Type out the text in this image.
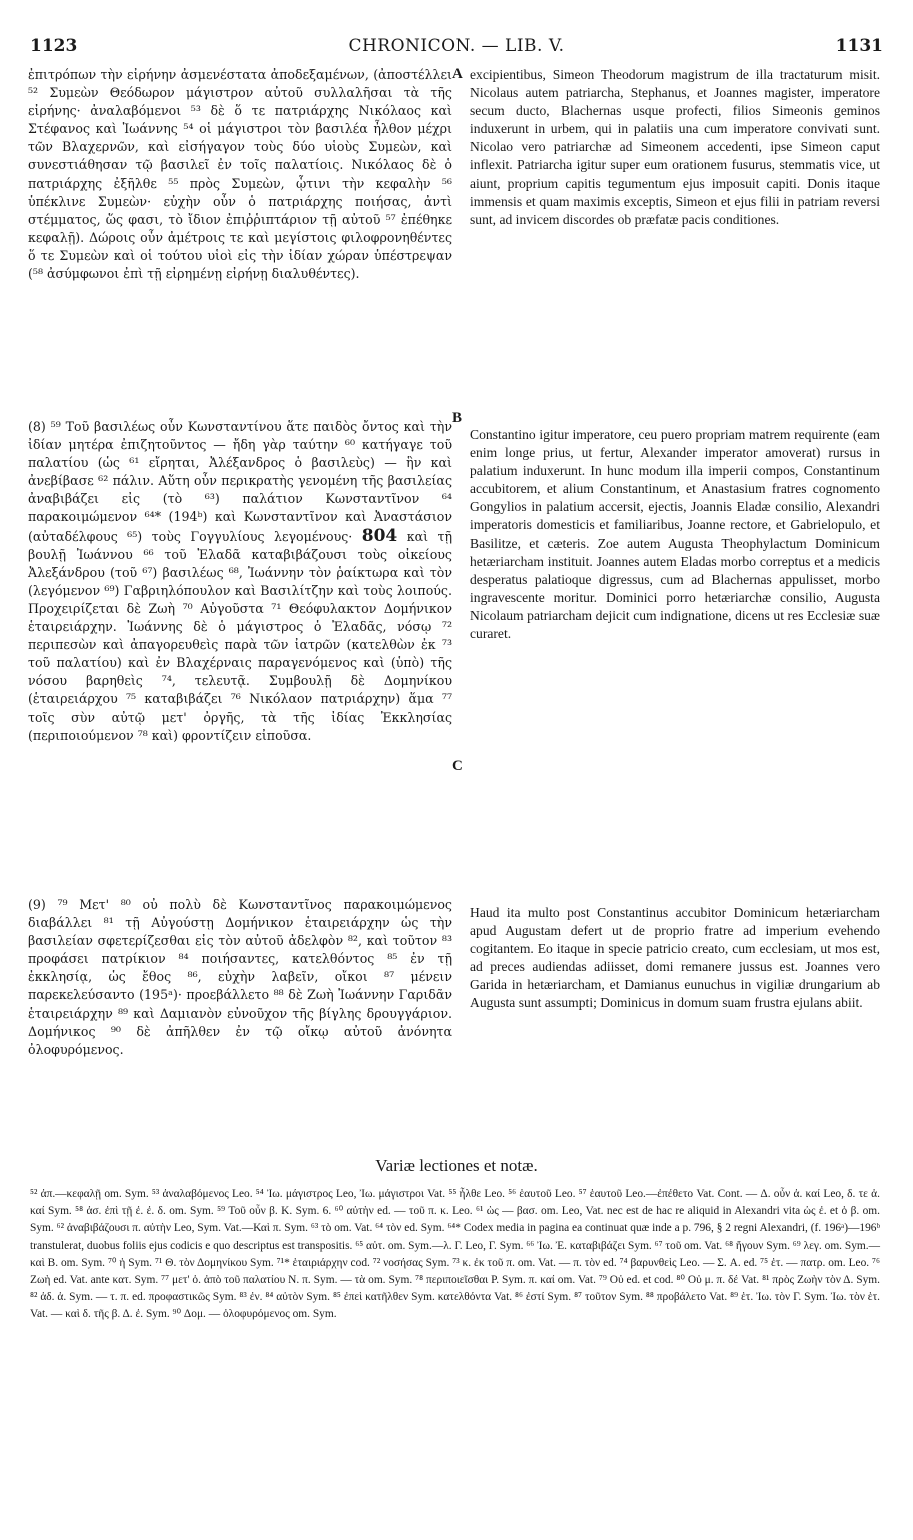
1123	CHRONICON. — LIB. V.	1131

ἐπιτρόπων τὴν εἰρήνην ἀσμενέστατα ἀποδεξαμένων, (ἀποστέλλει ⁵² Συμεὼν Θεόδωρον μάγιστρον αὐτοῦ συλλαλῆσαι τὰ τῆς εἰρήνης· ἀναλαβόμενοι ⁵³ δὲ ὅ τε πατριάρχης Νικόλαος καὶ Στέφανος καὶ Ἰωάννης ⁵⁴ οἱ μάγιστροι τὸν βασιλέα ἦλθον μέχρι τῶν Βλαχερνῶν, καὶ εἰσήγαγον τοὺς δύο υἱοὺς Συμεὼν, καὶ συνεστιάθησαν τῷ βασιλεῖ ἐν τοῖς παλατίοις. Νικόλαος δὲ ὁ πατριάρχης ἐξῆλθε ⁵⁵ πρὸς Συμεὼν, ᾧτινι τὴν κεφαλὴν ⁵⁶ ὑπέκλινε Συμεὼν· εὐχὴν οὖν ὁ πατριάρχης ποιήσας, ἀντὶ στέμματος, ὥς φασι, τὸ ἴδιον ἐπιῤῥιπτάριον τῇ αὐτοῦ ⁵⁷ ἐπέθηκε κεφαλῇ). Δώροις οὖν ἀμέτροις τε καὶ μεγίστοις φιλοφρονηθέντες ὅ τε Συμεὼν καὶ οἱ τούτου υἱοὶ εἰς τὴν ἰδίαν χώραν ὑπέστρεψαν (⁵⁸ ἀσύμφωνοι ἐπὶ τῇ εἰρημένῃ εἰρήνῃ διαλυθέντες).

(8) ⁵⁹ Τοῦ βασιλέως οὖν Κωνσταντίνου ἅτε παιδὸς ὄντος καὶ τὴν ἰδίαν μητέρα ἐπιζητοῦντος — ἤδη γὰρ ταύτην ⁶⁰ κατήγαγε τοῦ παλατίου (ὡς ⁶¹ εἴρηται, Ἀλέξανδρος ὁ βασιλεὺς) — ἣν καὶ ἀνεβίβασε ⁶² πάλιν. Αὕτη οὖν περικρατὴς γενομένη τῆς βασιλείας ἀναβιβάζει εἰς (τὸ ⁶³) παλάτιον Κωνσταντῖνον ⁶⁴ παρακοιμώμενον ⁶⁴* (194ᵇ) καὶ Κωνσταντῖνον καὶ Ἀναστάσιον (αὐταδέλφους ⁶⁵) τοὺς Γογγυλίους λεγομένους· 804 καὶ τῇ βουλῇ Ἰωάννου ⁶⁶ τοῦ Ἐλαδᾶ καταβιβάζουσι τοὺς οἰκείους Ἀλεξάνδρου (τοῦ ⁶⁷) βασιλέως ⁶⁸, Ἰωάννην τὸν ῥαίκτωρα καὶ τὸν (λεγόμενον ⁶⁹) Γαβριηλόπουλον καὶ Βασιλίτζην καὶ τοὺς λοιπούς. Προχειρίζεται δὲ Ζωὴ ⁷⁰ Αὐγοῦστα ⁷¹ Θεόφυλακτον Δομήνικον ἑταιρειάρχην. Ἰωάννης δὲ ὁ μάγιστρος ὁ Ἐλαδᾶς, νόσῳ ⁷² περιπεσὼν καὶ ἀπαγορευθεὶς παρὰ τῶν ἰατρῶν (κατελθὼν ἐκ ⁷³ τοῦ παλατίου) καὶ ἐν Βλαχέρναις παραγενόμενος καὶ (ὑπὸ) τῆς νόσου βαρηθεὶς ⁷⁴, τελευτᾷ. Συμβουλῇ δὲ Δομηνίκου (ἑταιρειάρχου ⁷⁵ καταβιβάζει ⁷⁶ Νικόλαον πατριάρχην) ἅμα ⁷⁷ τοῖς σὺν αὐτῷ μετ' ὀργῆς, τὰ τῆς ἰδίας Ἐκκλησίας (περιποιούμενον ⁷⁸ καὶ) φροντίζειν εἰποῦσα.

(9) ⁷⁹ Μετ' ⁸⁰ οὐ πολὺ δὲ Κωνσταντῖνος παρακοιμώμενος διαβάλλει ⁸¹ τῇ Αὐγούστῃ Δομήνικον ἑταιρειάρχην ὡς τὴν βασιλείαν σφετερίζεσθαι εἰς τὸν αὐτοῦ ἀδελφὸν ⁸², καὶ τοῦτον ⁸³ προφάσει πατρίκιον ⁸⁴ ποιήσαντες, κατελθόντος ⁸⁵ ἐν τῇ ἐκκλησίᾳ, ὡς ἔθος ⁸⁶, εὐχὴν λαβεῖν, οἴκοι ⁸⁷ μένειν παρεκελεύσαντο (195ᵃ)· προεβάλλετο ⁸⁸ δὲ Ζωὴ Ἰωάννην Γαριδᾶν ἑταιρειάρχην ⁸⁹ καὶ Δαμιανὸν εὐνοῦχον τῆς βίγλης δρουγγάριον. Δομήνικος ⁹⁰ δὲ ἀπῆλθεν ἐν τῷ οἴκῳ αὐτοῦ ἀνόνητα ὀλοφυρόμενος.

A
B
C

excipientibus, Simeon Theodorum magistrum de illa tractaturum misit. Nicolaus autem patriarcha, Stephanus, et Joannes magister, imperatore secum ducto, Blachernas usque profecti, filios Simeonis geminos induxerunt in urbem, qui in palatiis una cum imperatore convivati sunt. Nicolao vero patriarchæ ad Simeonem accedenti, ipse Simeon caput inflexit. Patriarcha igitur super eum orationem fusurus, stemmatis vice, ut aiunt, proprium capitis tegumentum ejus imposuit capiti. Donis itaque immensis et quam maximis exceptis, Simeon et ejus filii in patriam reversi sunt, ad invicem discordes ob præfatæ pacis conditiones.

Constantino igitur imperatore, ceu puero propriam matrem requirente (eam enim longe prius, ut fertur, Alexander imperator amoverat) rursus in palatium induxerunt. In hunc modum illa imperii compos, Constantinum accubitorem, et alium Constantinum, et Anastasium fratres cognomento Gongylios in palatium accersit, ejectis, Joannis Eladæ consilio, Alexandri imperatoris domesticis et familiaribus, Joanne rectore, et Gabrielopulo, et Basilitze, et cæteris. Zoe autem Augusta Theophylactum Dominicum hetæriarcham instituit. Joannes autem Eladas morbo correptus et a medicis desperatus palatioque digressus, cum ad Blachernas appulisset, morbo ingravescente moritur. Dominici porro hetæriarchæ consilio, Augusta Nicolaum patriarcham dejicit cum indignatione, dicens ut res Ecclesiæ suæ curaret.

Haud ita multo post Constantinus accubitor Dominicum hetæriarcham apud Augustam defert ut de proprio fratre ad imperium evehendo cogitantem. Eo itaque in specie patricio creato, cum ecclesiam, ut mos est, ad preces audiendas adiisset, domi remanere jussus est. Joannes vero Garida in hetæriarcham, et Damianus eunuchus in vigiliæ drungarium ab Augusta sunt assumpti; Dominicus in domum suam frustra ejulans abiit.

Variæ lectiones et notæ.
⁵² ἀπ.—κεφαλῇ om. Sym. ⁵³ ἀναλαβόμενος Leo. ⁵⁴ Ἰω. μάγιστρος Leo, Ἰω. μάγιστροι Vat. ⁵⁵ ἦλθε Leo. ⁵⁶ ἑαυτοῦ Leo. ⁵⁷ ἑαυτοῦ Leo.—ἐπέθετο Vat. Cont. — Δ. οὖν ἀ. καί Leo, δ. τε ἀ. καί Sym. ⁵⁸ ἀσ. ἐπὶ τῇ ἐ. ἐ. δ. om. Sym. ⁵⁹ Τοῦ οὖν β. K. Sym. 6. ⁶⁰ αὐτὴν ed. — τοῦ π. κ. Leo. ⁶¹ ὡς — βασ. om. Leo, Vat. nec est de hac re aliquid in Alexandri vita ὡς ἐ. et ὁ β. om. Sym. ⁶² ἀναβιβάζουσι π. αὐτὴν Leo, Sym. Vat.—Καὶ π. Sym. ⁶³ τὸ om. Vat. ⁶⁴ τὸν ed. Sym. ⁶⁴* Codex media in pagina ea continuat quæ inde a p. 796, § 2 regni Alexandri, (f. 196ᵃ)—196ᵇ transtulerat, duobus foliis ejus codicis e quo descriptus est transpositis. ⁶⁵ αὐτ. om. Sym.—λ. Γ. Leo, Γ. Sym. ⁶⁶ Ἰω. Ἐ. καταβιβάζει Sym. ⁶⁷ τοῦ om. Vat. ⁶⁸ ἤγουν Sym. ⁶⁹ λεγ. om. Sym.—καὶ B. om. Sym. ⁷⁰ ἡ Sym. ⁷¹ Θ. τὸν Δομηνίκου Sym. ⁷¹* ἑταιριάρχην cod. ⁷² νοσήσας Sym. ⁷³ κ. ἐκ τοῦ π. om. Vat. — π. τὸν ed. ⁷⁴ βαρυνθεὶς Leo. — Σ. A. ed. ⁷⁵ ἑτ. — πατρ. om. Leo. ⁷⁶ Ζωὴ ed. Vat. ante κατ. Sym. ⁷⁷ μετ' ὀ. ἀπὸ τοῦ παλατίου N. π. Sym. — τὰ om. Sym. ⁷⁸ περιποιεῖσθαι P. Sym. π. καί om. Vat. ⁷⁹ Οὐ ed. et cod. ⁸⁰ Οὐ μ. π. δέ Vat. ⁸¹ πρὸς Ζωὴν τὸν Δ. Sym. ⁸² ἀδ. ἀ. Sym. — τ. π. ed. προφαστικῶς Sym. ⁸³ ἐν. ⁸⁴ αὐτὸν Sym. ⁸⁵ ἐπεὶ κατῆλθεν Sym. κατελθόντα Vat. ⁸⁶ ἐστί Sym. ⁸⁷ τοῦτον Sym. ⁸⁸ προβάλετο Vat. ⁸⁹ ἑτ. Ἰω. τὸν Γ. Sym. Ἰω. τὸν ἑτ. Vat. — καὶ δ. τῆς β. Δ. ἐ. Sym. ⁹⁰ Δομ. — ὀλοφυρόμενος om. Sym.
